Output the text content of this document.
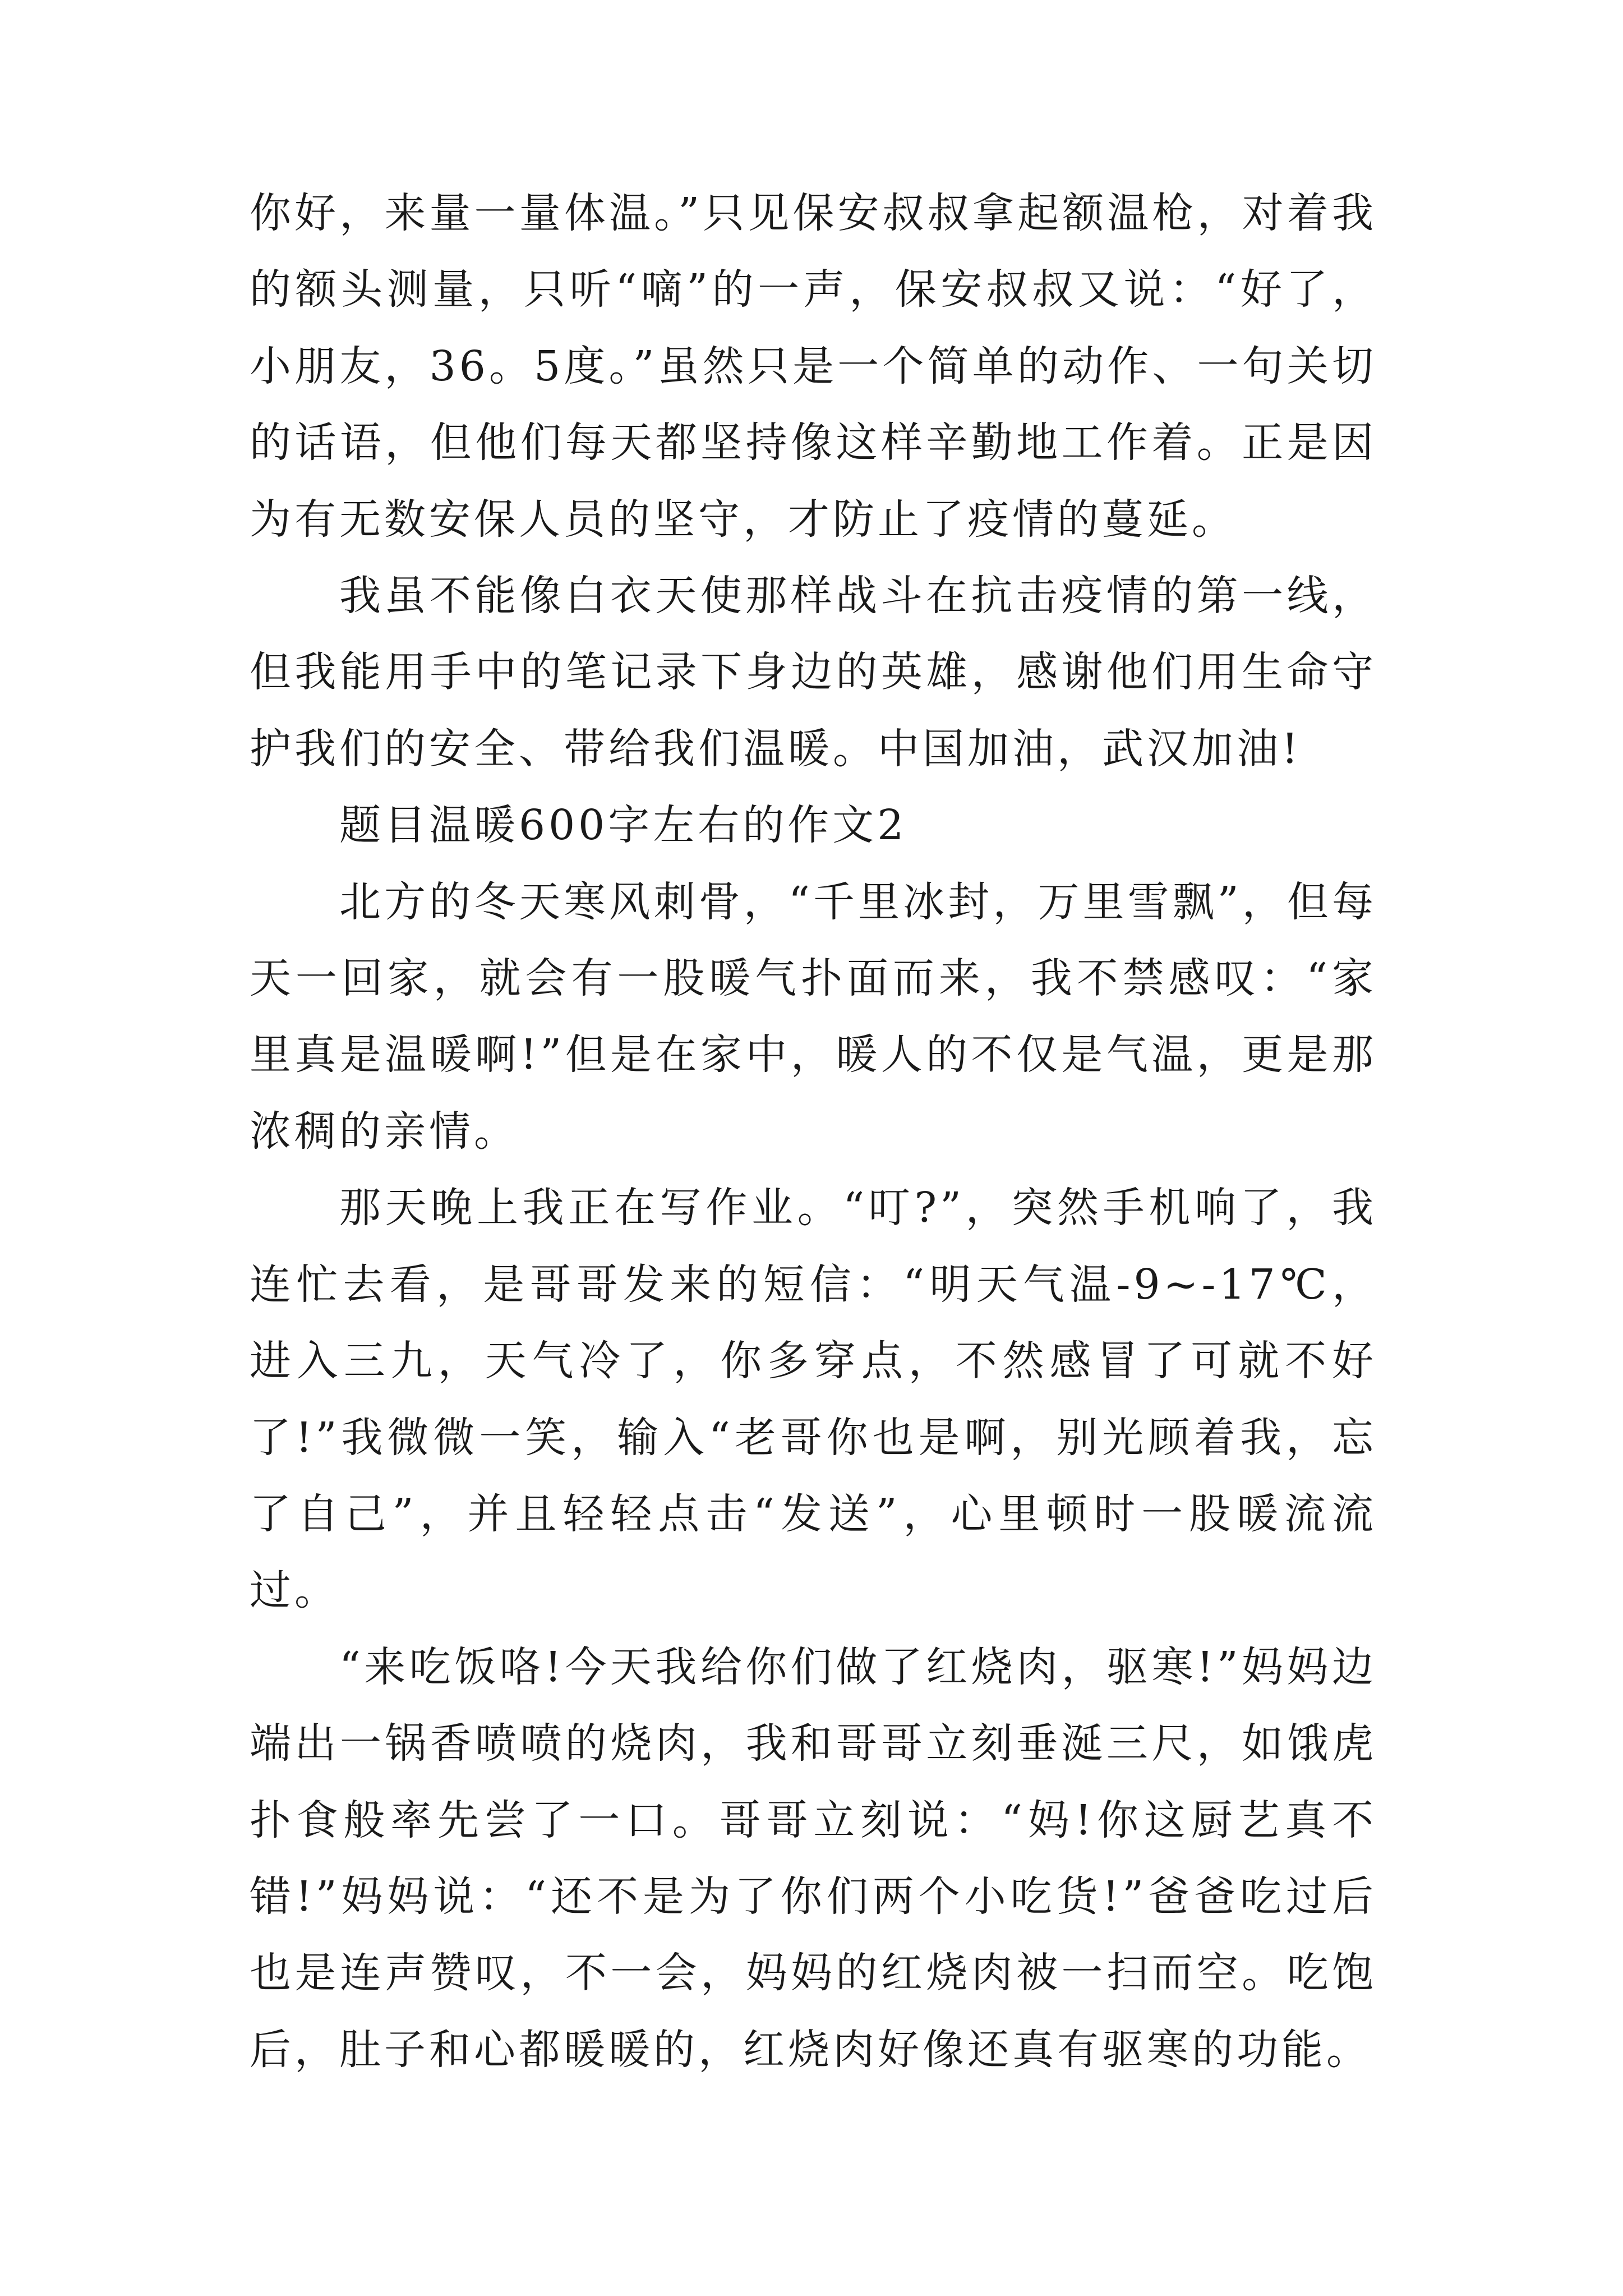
你好，来量一量体温。”只见保安叔叔拿起额温枪，对着我的额头测量，只听“嘀”的一声，保安叔叔又说：“好了，小朋友，36。5度。”虽然只是一个简单的动作、一句关切的话语，但他们每天都坚持像这样辛勤地工作着。正是因为有无数安保人员的坚守，才防止了疫情的蔓延。

我虽不能像白衣天使那样战斗在抗击疫情的第一线，但我能用手中的笔记录下身边的英雄，感谢他们用生命守护我们的安全、带给我们温暖。中国加油，武汉加油!

题目温暖600字左右的作文2

北方的冬天寒风刺骨，“千里冰封，万里雪飘”，但每天一回家，就会有一股暖气扑面而来，我不禁感叹：“家里真是温暖啊!”但是在家中，暖人的不仅是气温，更是那浓稠的亲情。

那天晚上我正在写作业。“叮?”，突然手机响了，我连忙去看，是哥哥发来的短信：“明天气温-9~-17℃，进入三九，天气冷了，你多穿点，不然感冒了可就不好了!”我微微一笑，输入“老哥你也是啊，别光顾着我，忘了自己”，并且轻轻点击“发送”，心里顿时一股暖流流过。

“来吃饭咯!今天我给你们做了红烧肉，驱寒!”妈妈边端出一锅香喷喷的烧肉，我和哥哥立刻垂涎三尺，如饿虎扑食般率先尝了一口。哥哥立刻说：“妈!你这厨艺真不错!”妈妈说：“还不是为了你们两个小吃货!”爸爸吃过后也是连声赞叹，不一会，妈妈的红烧肉被一扫而空。吃饱后，肚子和心都暖暖的，红烧肉好像还真有驱寒的功能。
